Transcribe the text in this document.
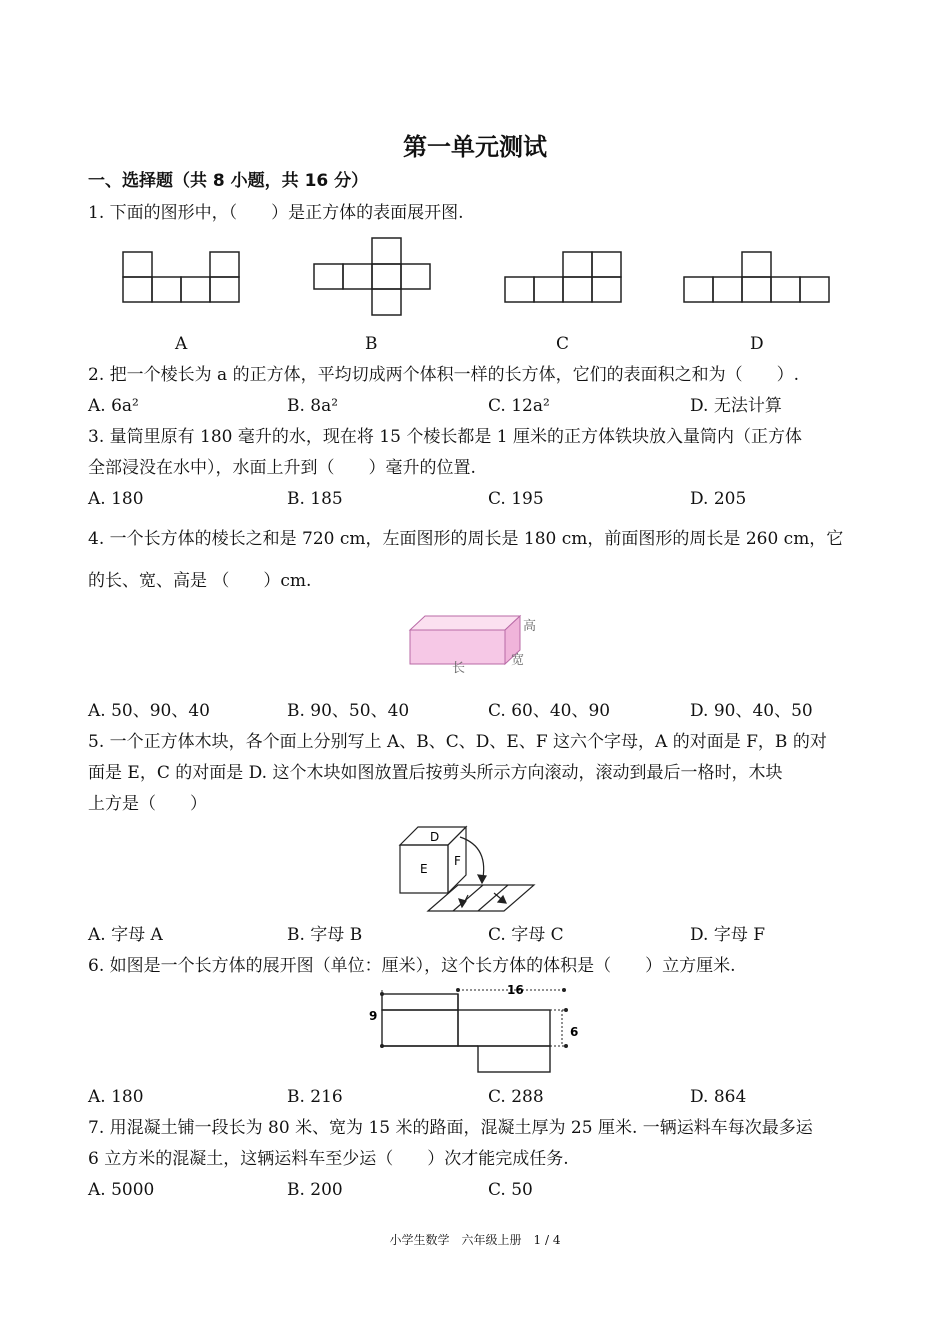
第一单元测试
一、选择题（共 8 小题，共 16 分）
1. 下面的图形中，（　　）是正方体的表面展开图.
A	B	C	D
2. 把一个棱长为 a 的正方体，平均切成两个体积一样的长方体，它们的表面积之和为（　　）.
A. 6a²	B. 8a²	C. 12a²	D. 无法计算
3. 量筒里原有 180 毫升的水，现在将 15 个棱长都是 1 厘米的正方体铁块放入量筒内（正方体
全部浸没在水中），水面上升到（　　）毫升的位置.
A. 180	B. 185	C. 195	D. 205
4. 一个长方体的棱长之和是 720 cm，左面图形的周长是 180 cm，前面图形的周长是 260 cm，它
的长、宽、高是 （　　）cm.
高
宽
长
A. 50、90、40	B. 90、50、40	C. 60、40、90	D. 90、40、50
5. 一个正方体木块，各个面上分别写上 A、B、C、D、E、F 这六个字母，A 的对面是 F，B 的对
面是 E，C 的对面是 D. 这个木块如图放置后按剪头所示方向滚动，滚动到最后一格时，木块
上方是（　　）
D
E
F
A. 字母 A	B. 字母 B	C. 字母 C	D. 字母 F
6. 如图是一个长方体的展开图（单位：厘米），这个长方体的体积是（　　）立方厘米.
16
9
6
A. 180	B. 216	C. 288	D. 864
7. 用混凝土铺一段长为 80 米、宽为 15 米的路面，混凝土厚为 25 厘米. 一辆运料车每次最多运
6 立方米的混凝土，这辆运料车至少运（　　）次才能完成任务.
A. 5000	B. 200	C. 50
小学生数学　六年级上册　1 / 4
